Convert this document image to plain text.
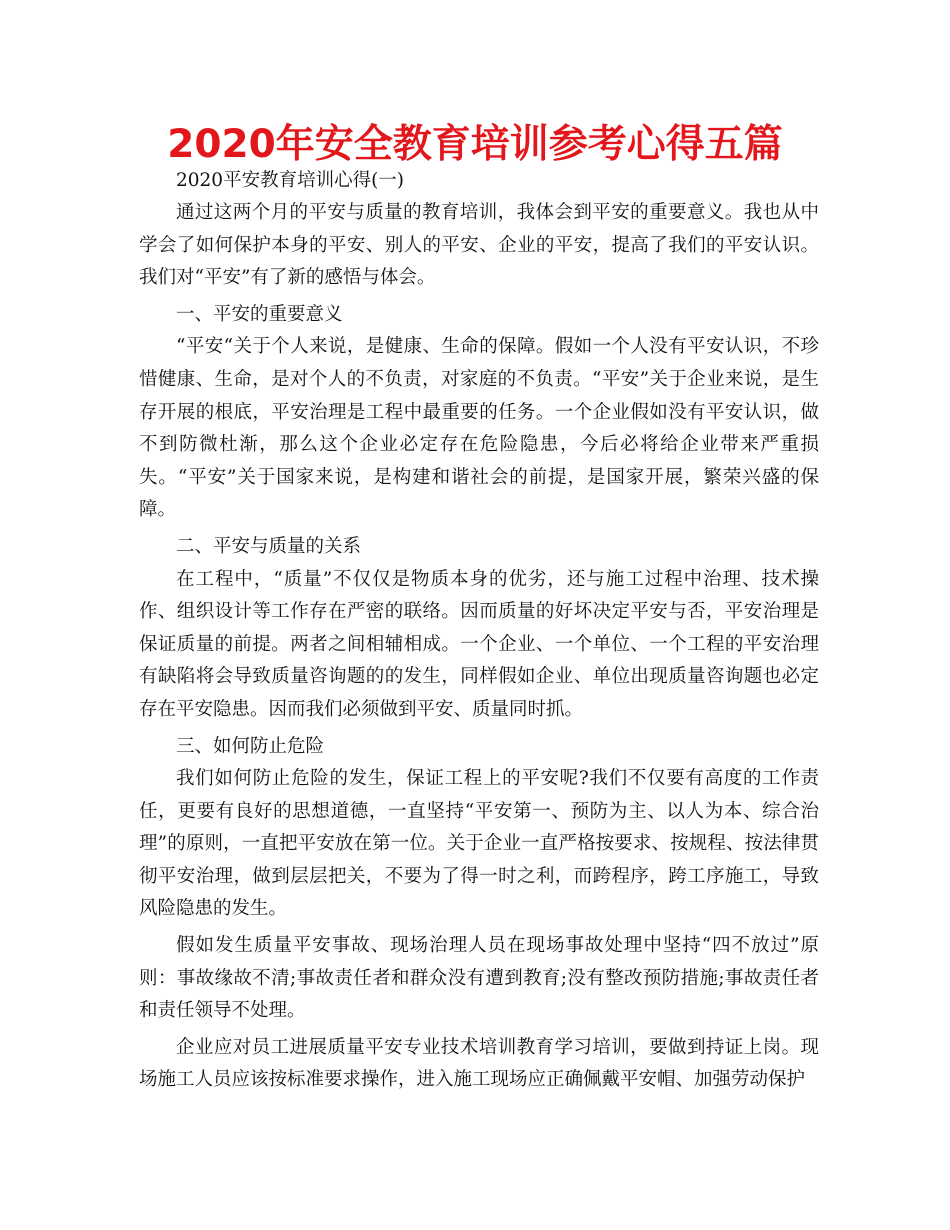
2020年安全教育培训参考心得五篇

2020平安教育培训心得(一)

通过这两个月的平安与质量的教育培训，我体会到平安的重要意义。我也从中学会了如何保护本身的平安、别人的平安、企业的平安，提高了我们的平安认识。我们对“平安”有了新的感悟与体会。

一、平安的重要意义

“平安“关于个人来说，是健康、生命的保障。假如一个人没有平安认识，不珍惜健康、生命，是对个人的不负责，对家庭的不负责。“平安”关于企业来说，是生存开展的根底，平安治理是工程中最重要的任务。一个企业假如没有平安认识，做不到防微杜渐，那么这个企业必定存在危险隐患，今后必将给企业带来严重损失。“平安”关于国家来说，是构建和谐社会的前提，是国家开展，繁荣兴盛的保障。

二、平安与质量的关系

在工程中，“质量”不仅仅是物质本身的优劣，还与施工过程中治理、技术操作、组织设计等工作存在严密的联络。因而质量的好坏决定平安与否，平安治理是保证质量的前提。两者之间相辅相成。一个企业、一个单位、一个工程的平安治理有缺陷将会导致质量咨询题的的发生，同样假如企业、单位出现质量咨询题也必定存在平安隐患。因而我们必须做到平安、质量同时抓。

三、如何防止危险

我们如何防止危险的发生，保证工程上的平安呢?我们不仅要有高度的工作责任，更要有良好的思想道德，一直坚持“平安第一、预防为主、以人为本、综合治理”的原则，一直把平安放在第一位。关于企业一直严格按要求、按规程、按法律贯彻平安治理，做到层层把关，不要为了得一时之利，而跨程序，跨工序施工，导致风险隐患的发生。

假如发生质量平安事故、现场治理人员在现场事故处理中坚持“四不放过”原则：事故缘故不清;事故责任者和群众没有遭到教育;没有整改预防措施;事故责任者和责任领导不处理。

企业应对员工进展质量平安专业技术培训教育学习培训，要做到持证上岗。现场施工人员应该按标准要求操作，进入施工现场应正确佩戴平安帽、加强劳动保护
